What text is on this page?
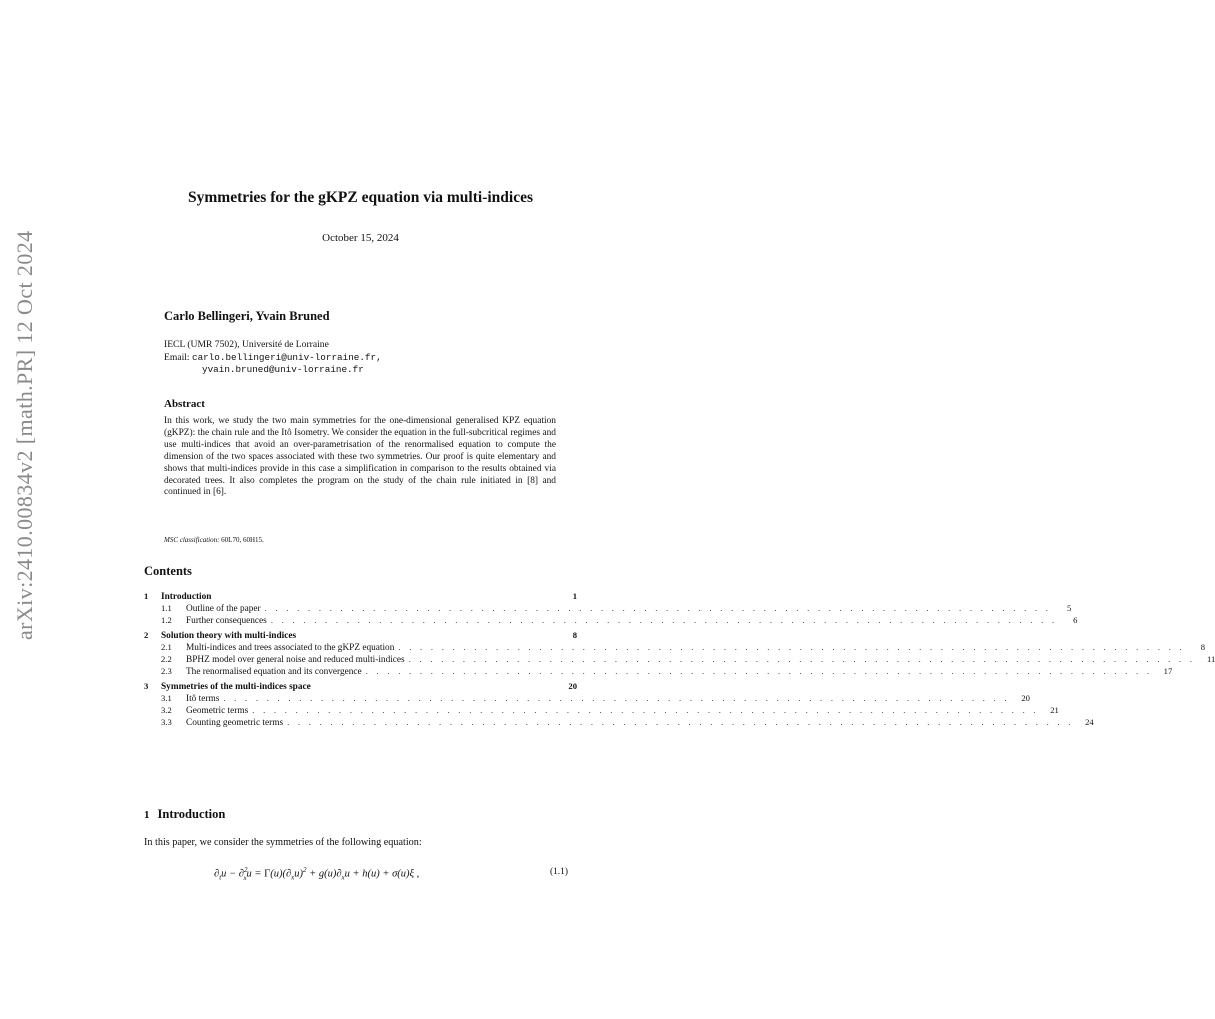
arXiv:2410.00834v2 [math.PR] 12 Oct 2024
Symmetries for the gKPZ equation via multi-indices
October 15, 2024
Carlo Bellingeri, Yvain Bruned
IECL (UMR 7502), Université de Lorraine
Email: carlo.bellingeri@univ-lorraine.fr,
yvain.bruned@univ-lorraine.fr
Abstract
In this work, we study the two main symmetries for the one-dimensional generalised KPZ equation (gKPZ): the chain rule and the Itô Isometry. We consider the equation in the full-subcritical regimes and use multi-indices that avoid an over-parametrisation of the renormalised equation to compute the dimension of the two spaces associated with these two symmetries. Our proof is quite elementary and shows that multi-indices provide in this case a simplification in comparison to the results obtained via decorated trees. It also completes the program on the study of the chain rule initiated in [8] and continued in [6].
MSC classification: 60L70, 60H15.
Contents
1	Introduction	1
1.1	Outline of the paper . . . . . . . . . . . . . . . . . . . . . . . . . . . . . . . . . . . . . . . . . . . . . . . . . . . . . . . . . . . . . . . . . . . . . . . . .	5
1.2	Further consequences . . . . . . . . . . . . . . . . . . . . . . . . . . . . . . . . . . . . . . . . . . . . . . . . . . . . . . . . . . . . . . . . . . . . . . . . .	6
2	Solution theory with multi-indices	8
2.1	Multi-indices and trees associated to the gKPZ equation . . . . . . . . . . . . . . . . . . . . . . . . . . . . . . . . . . . . . . . . . . . . . . . . . . . . . . . . . . . . . . . . . . . . . . . . .	8
2.2	BPHZ model over general noise and reduced multi-indices . . . . . . . . . . . . . . . . . . . . . . . . . . . . . . . . . . . . . . . . . . . . . . . . . . . . . . . . . . . . . . . . . . . . . . . . .	11
2.3	The renormalised equation and its convergence . . . . . . . . . . . . . . . . . . . . . . . . . . . . . . . . . . . . . . . . . . . . . . . . . . . . . . . . . . . . . . . . . . . . . . . . .	17
3	Symmetries of the multi-indices space	20
3.1	Itô terms . . . . . . . . . . . . . . . . . . . . . . . . . . . . . . . . . . . . . . . . . . . . . . . . . . . . . . . . . . . . . . . . . . . . . . . . .	20
3.2	Geometric terms . . . . . . . . . . . . . . . . . . . . . . . . . . . . . . . . . . . . . . . . . . . . . . . . . . . . . . . . . . . . . . . . . . . . . . . . .	21
3.3	Counting geometric terms . . . . . . . . . . . . . . . . . . . . . . . . . . . . . . . . . . . . . . . . . . . . . . . . . . . . . . . . . . . . . . . . . . . . . . . . .	24
1 Introduction
In this paper, we consider the symmetries of the following equation:
$\partial_tu - \partial^2_xu = \Gamma(u)(\partial_xu)^2 + g(u)\partial_xu + h(u) + \sigma(u)\xi$ ,	(1.1)
